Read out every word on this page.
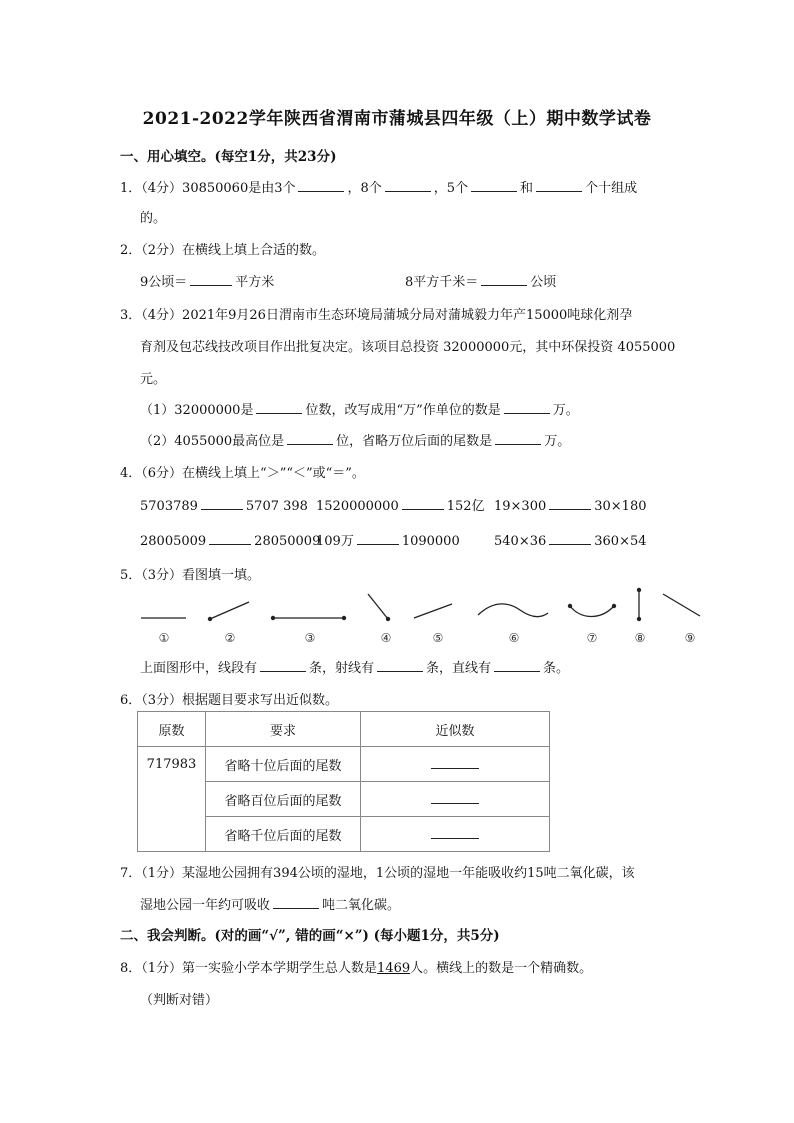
2021-2022学年陕西省渭南市蒲城县四年级（上）期中数学试卷
一、用心填空。(每空1分，共23分)
1．（4分）30850060是由3个	，8个	，5个	和	个十组成
的。
2．（2分）在横线上填上合适的数。
9公顷＝	平方米	8平方千米＝	公顷
3．（4分）2021年9月26日渭南市生态环境局蒲城分局对蒲城毅力年产15000吨球化剂孕
育剂及包芯线技改项目作出批复决定。该项目总投资 32000000元，其中环保投资 4055000
元。
（1）32000000是	位数，改写成用“万”作单位的数是	万。
（2）4055000最高位是	位，省略万位后面的尾数是	万。
4．（6分）在横线上填上“＞”“＜”或“＝”。
5703789	5707 398 1520000000	152亿 19×300	30×180
28005009	28050009
109万	1090000	540×36	360×54
5．（3分）看图填一填。
①	②	③	④	⑤	⑥	⑦	⑧	⑨
上面图形中，线段有	条，射线有	条，直线有	条。
6．（3分）根据题目要求写出近似数。
原数	要求	近似数
717983	省略十位后面的尾数	
	省略百位后面的尾数	
	省略千位后面的尾数	
7．（1分）某湿地公园拥有394公顷的湿地，1公顷的湿地一年能吸收约15吨二氧化碳，该
湿地公园一年约可吸收	吨二氧化碳。
二、我会判断。(对的画“√”, 错的画“×”) (每小题1分，共5分)
8．（1分）第一实验小学本学期学生总人数是1469人。横线上的数是一个精确数。
（判断对错）
